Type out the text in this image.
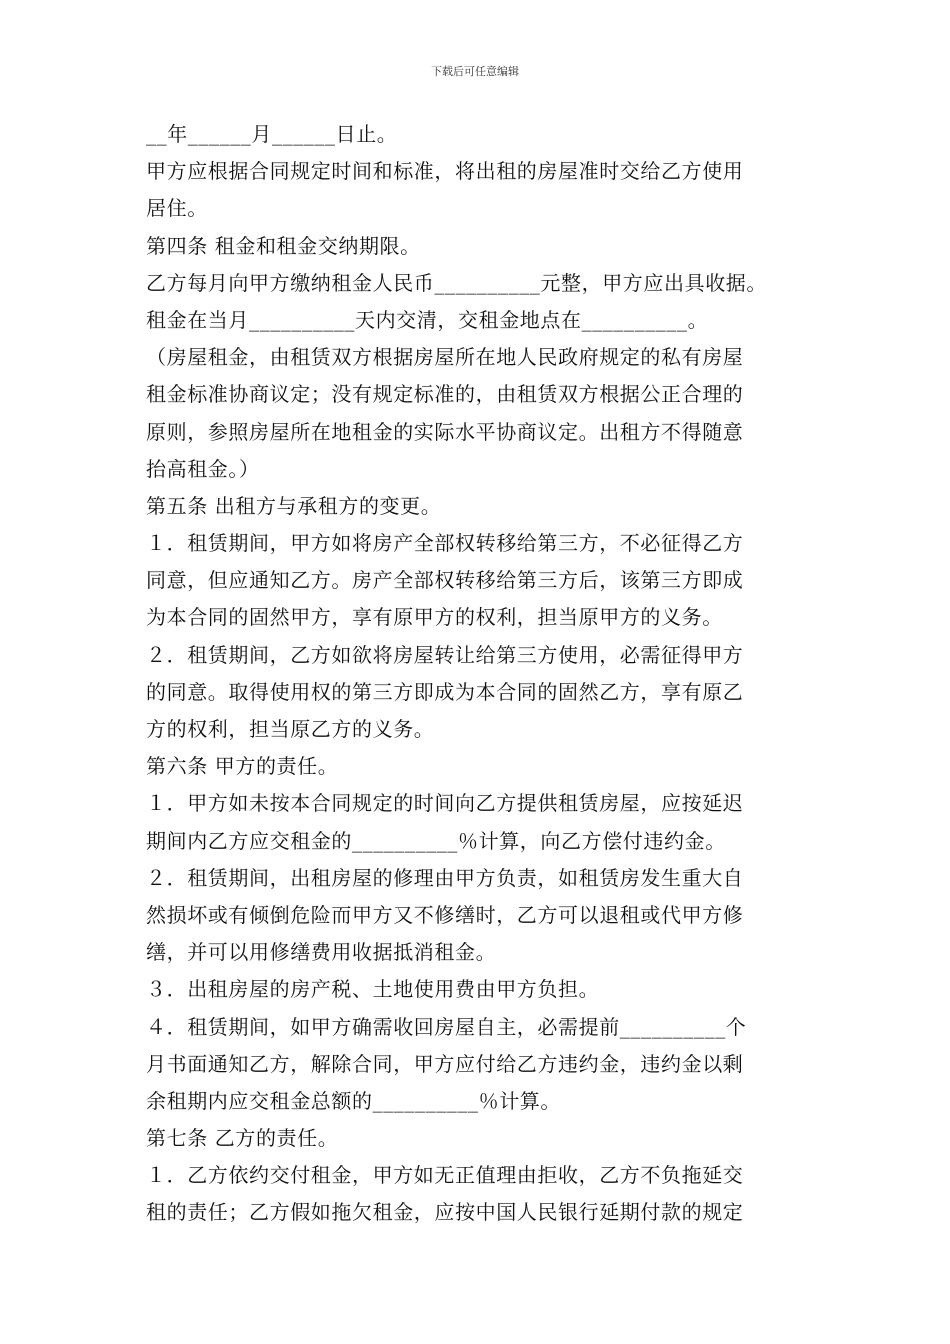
下载后可任意编辑
__年______月______日止。
甲方应根据合同规定时间和标准，将出租的房屋准时交给乙方使用
居住。
第四条 租金和租金交纳期限。
乙方每月向甲方缴纳租金人民币__________元整，甲方应出具收据。
租金在当月__________天内交清，交租金地点在__________。
（房屋租金，由租赁双方根据房屋所在地人民政府规定的私有房屋
租金标准协商议定；没有规定标准的，由租赁双方根据公正合理的
原则，参照房屋所在地租金的实际水平协商议定。出租方不得随意
抬高租金。）
第五条 出租方与承租方的变更。
１．租赁期间，甲方如将房产全部权转移给第三方，不必征得乙方
同意，但应通知乙方。房产全部权转移给第三方后，该第三方即成
为本合同的固然甲方，享有原甲方的权利，担当原甲方的义务。
２．租赁期间，乙方如欲将房屋转让给第三方使用，必需征得甲方
的同意。取得使用权的第三方即成为本合同的固然乙方，享有原乙
方的权利，担当原乙方的义务。
第六条 甲方的责任。
１．甲方如未按本合同规定的时间向乙方提供租赁房屋，应按延迟
期间内乙方应交租金的__________％计算，向乙方偿付违约金。
２．租赁期间，出租房屋的修理由甲方负责，如租赁房发生重大自
然损坏或有倾倒危险而甲方又不修缮时，乙方可以退租或代甲方修
缮，并可以用修缮费用收据抵消租金。
３．出租房屋的房产税、土地使用费由甲方负担。
４．租赁期间，如甲方确需收回房屋自主，必需提前__________个
月书面通知乙方，解除合同，甲方应付给乙方违约金，违约金以剩
余租期内应交租金总额的__________％计算。
第七条 乙方的责任。
１．乙方依约交付租金，甲方如无正值理由拒收，乙方不负拖延交
租的责任；乙方假如拖欠租金，应按中国人民银行延期付款的规定
